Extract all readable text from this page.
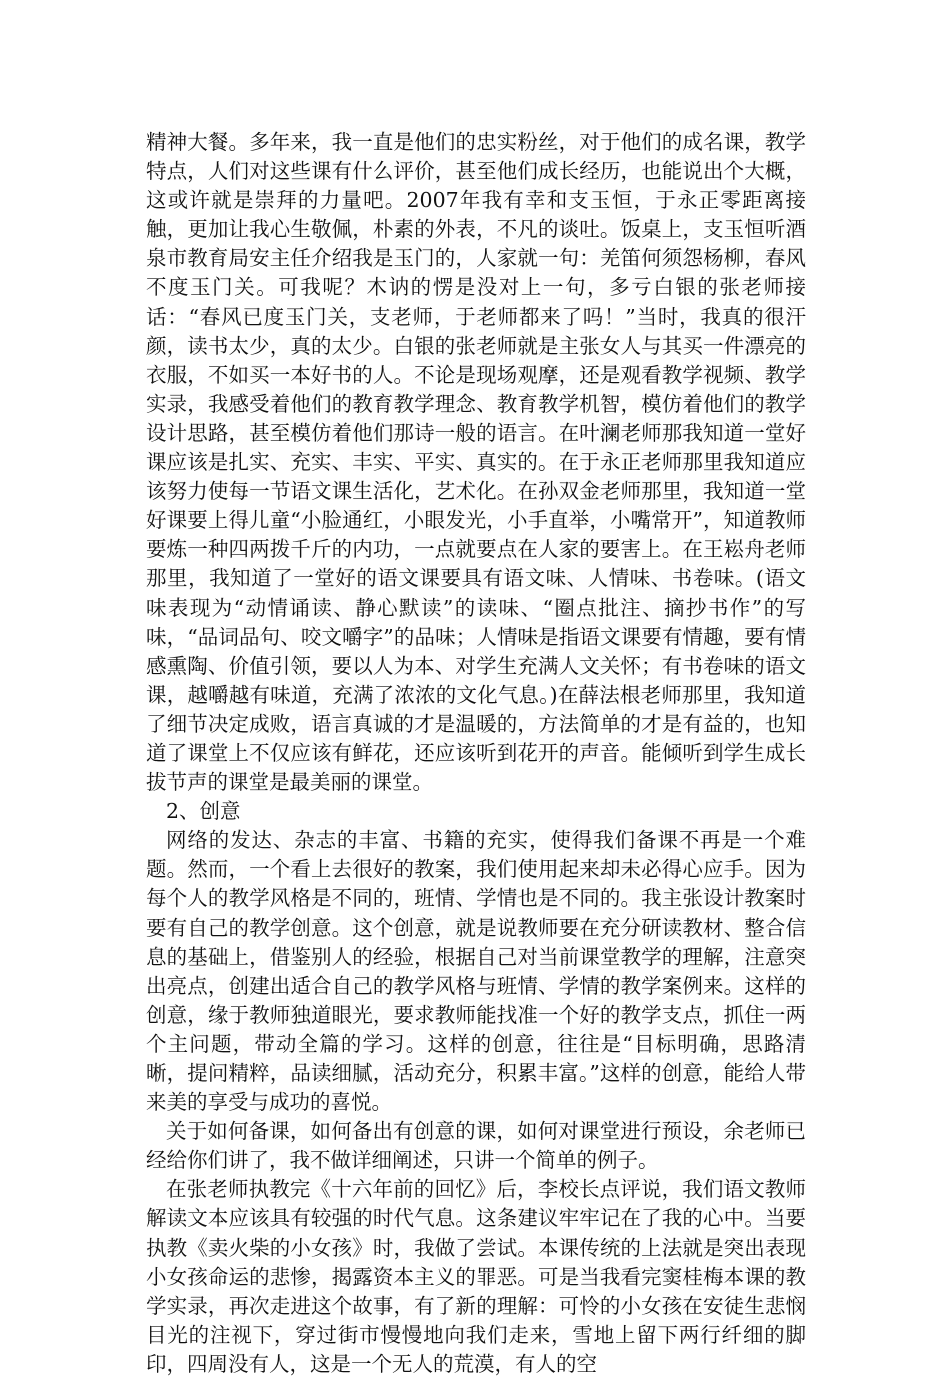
精神大餐。多年来，我一直是他们的忠实粉丝，对于他们的成名课，教学特点，人们对这些课有什么评价，甚至他们成长经历，也能说出个大概，这或许就是崇拜的力量吧。2007年我有幸和支玉恒，于永正零距离接触，更加让我心生敬佩，朴素的外表，不凡的谈吐。饭桌上，支玉恒听酒泉市教育局安主任介绍我是玉门的，人家就一句：羌笛何须怨杨柳，春风不度玉门关。可我呢？木讷的愣是没对上一句，多亏白银的张老师接话：“春风已度玉门关，支老师，于老师都来了吗！”当时，我真的很汗颜，读书太少，真的太少。白银的张老师就是主张女人与其买一件漂亮的衣服，不如买一本好书的人。不论是现场观摩，还是观看教学视频、教学实录，我感受着他们的教育教学理念、教育教学机智，模仿着他们的教学设计思路，甚至模仿着他们那诗一般的语言。在叶澜老师那我知道一堂好课应该是扎实、充实、丰实、平实、真实的。在于永正老师那里我知道应该努力使每一节语文课生活化，艺术化。在孙双金老师那里，我知道一堂好课要上得儿童“小脸通红，小眼发光，小手直举，小嘴常开”，知道教师要炼一种四两拨千斤的内功，一点就要点在人家的要害上。在王崧舟老师那里，我知道了一堂好的语文课要具有语文味、人情味、书卷味。(语文味表现为“动情诵读、静心默读”的读味、“圈点批注、摘抄书作”的写味，“品词品句、咬文嚼字”的品味；人情味是指语文课要有情趣，要有情感熏陶、价值引领，要以人为本、对学生充满人文关怀；有书卷味的语文课，越嚼越有味道，充满了浓浓的文化气息。)在薛法根老师那里，我知道了细节决定成败，语言真诚的才是温暖的，方法简单的才是有益的，也知道了课堂上不仅应该有鲜花，还应该听到花开的声音。能倾听到学生成长拔节声的课堂是最美丽的课堂。

2、创意

网络的发达、杂志的丰富、书籍的充实，使得我们备课不再是一个难题。然而，一个看上去很好的教案，我们使用起来却未必得心应手。因为每个人的教学风格是不同的，班情、学情也是不同的。我主张设计教案时要有自己的教学创意。这个创意，就是说教师要在充分研读教材、整合信息的基础上，借鉴别人的经验，根据自己对当前课堂教学的理解，注意突出亮点，创建出适合自己的教学风格与班情、学情的教学案例来。这样的创意，缘于教师独道眼光，要求教师能找准一个好的教学支点，抓住一两个主问题，带动全篇的学习。这样的创意，往往是“目标明确，思路清晰，提问精粹，品读细腻，活动充分，积累丰富。”这样的创意，能给人带来美的享受与成功的喜悦。

关于如何备课，如何备出有创意的课，如何对课堂进行预设，余老师已经给你们讲了，我不做详细阐述，只讲一个简单的例子。

在张老师执教完《十六年前的回忆》后，李校长点评说，我们语文教师解读文本应该具有较强的时代气息。这条建议牢牢记在了我的心中。当要执教《卖火柴的小女孩》时，我做了尝试。本课传统的上法就是突出表现小女孩命运的悲惨，揭露资本主义的罪恶。可是当我看完窦桂梅本课的教学实录，再次走进这个故事，有了新的理解：可怜的小女孩在安徒生悲悯目光的注视下，穿过街市慢慢地向我们走来，雪地上留下两行纤细的脚印，四周没有人，这是一个无人的荒漠，有人的空
